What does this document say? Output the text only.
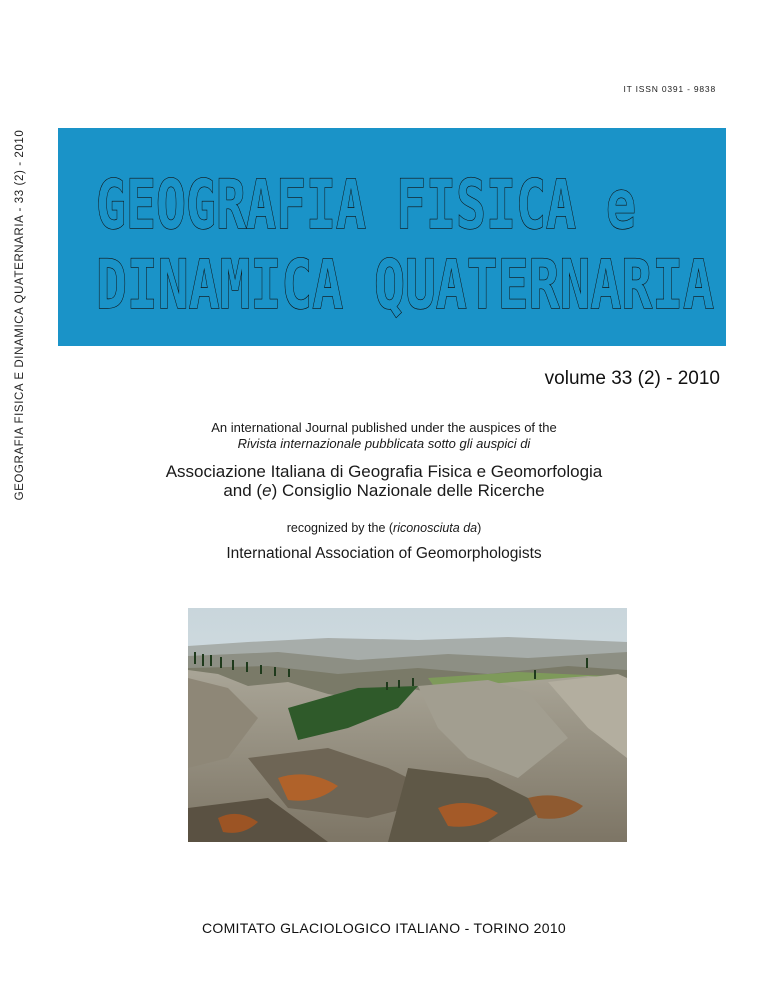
GEOGRAFIA FISICA E DINAMICA QUATERNARIA - 33 (2) - 2010
IT ISSN 0391 - 9838
GEOGRAFIA FISICA e
DINAMICA QUATERNARIA
volume 33 (2) - 2010
An international Journal published under the auspices of the
Rivista internazionale pubblicata sotto gli auspici di
Associazione Italiana di Geografia Fisica e Geomorfologia
and (e) Consiglio Nazionale delle Ricerche
recognized by the (riconosciuta da)
International Association of Geomorphologists
COMITATO GLACIOLOGICO ITALIANO - TORINO 2010
